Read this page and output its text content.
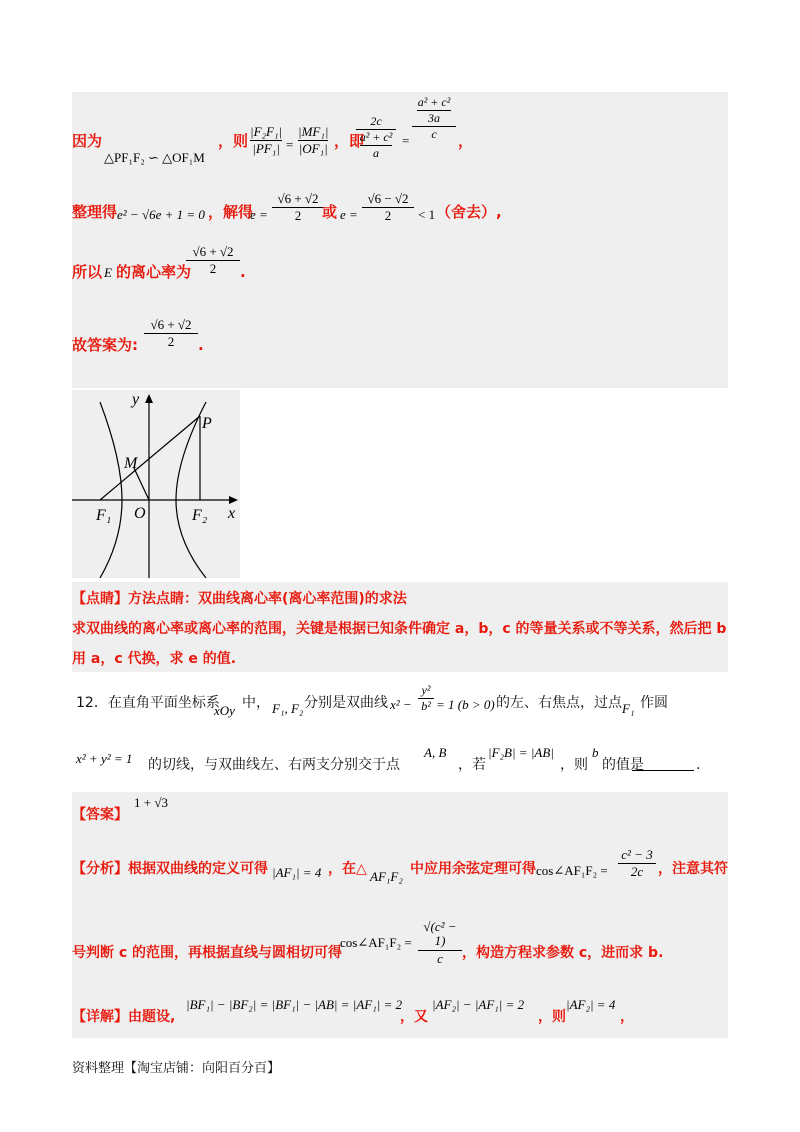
因为
△PF₁F₂ ∽ △OF₁M
，则
|F₂F₁|
|PF₁| =
|MF₁|
|OF₁| ，即
2c
a² + c²
a
=
a² + c²
3a
c	，
整理得 e² − √6e + 1 = 0 ，解得
e =
√6 + √2
2	或 e =
√6 − √2
2	< 1 （舍去）,
所以 E 的离心率为
√6 + √2
2	.
故答案为:
√6 + √2
2	.
y
x
P
M
F₁ O	F₂
【点睛】方法点睛：双曲线离心率(离心率范围)的求法
求双曲线的离心率或离心率的范围，关键是根据已知条件确定 a，b，c 的等量关系或不等关系，然后把 b
用 a，c 代换，求 e 的值.
12．在直角平面坐标系
xOy 中， F₁, F₂ 分别是双曲线 x² −
y²
b² = 1 (b > 0) 的左、右焦点，过点 F₁ 作圆
x² + y² = 1 的切线，与双曲线左、右两支分别交于点
A, B
，若
|F₂B| = |AB|
，则
b
的值是	.
【答案】
1 + √3
【分析】根据双曲线的定义可得 |AF₁| = 4 ，在△ AF₁F₂ 中应用余弦定理可得 cos∠AF₁F₂ =
c² − 3
2c	，注意其符
号判断 c 的范围，再根据直线与圆相切可得
cos∠AF₁F₂ =
√(c² − 1)
c	，构造方程求参数 c，进而求 b.
【详解】由题设,
|BF₁| − |BF₂| = |BF₁| − |AB| = |AF₁| = 2
，又
|AF₂| − |AF₁| = 2
，则
|AF₂| = 4
，
资料整理【淘宝店铺：向阳百分百】
